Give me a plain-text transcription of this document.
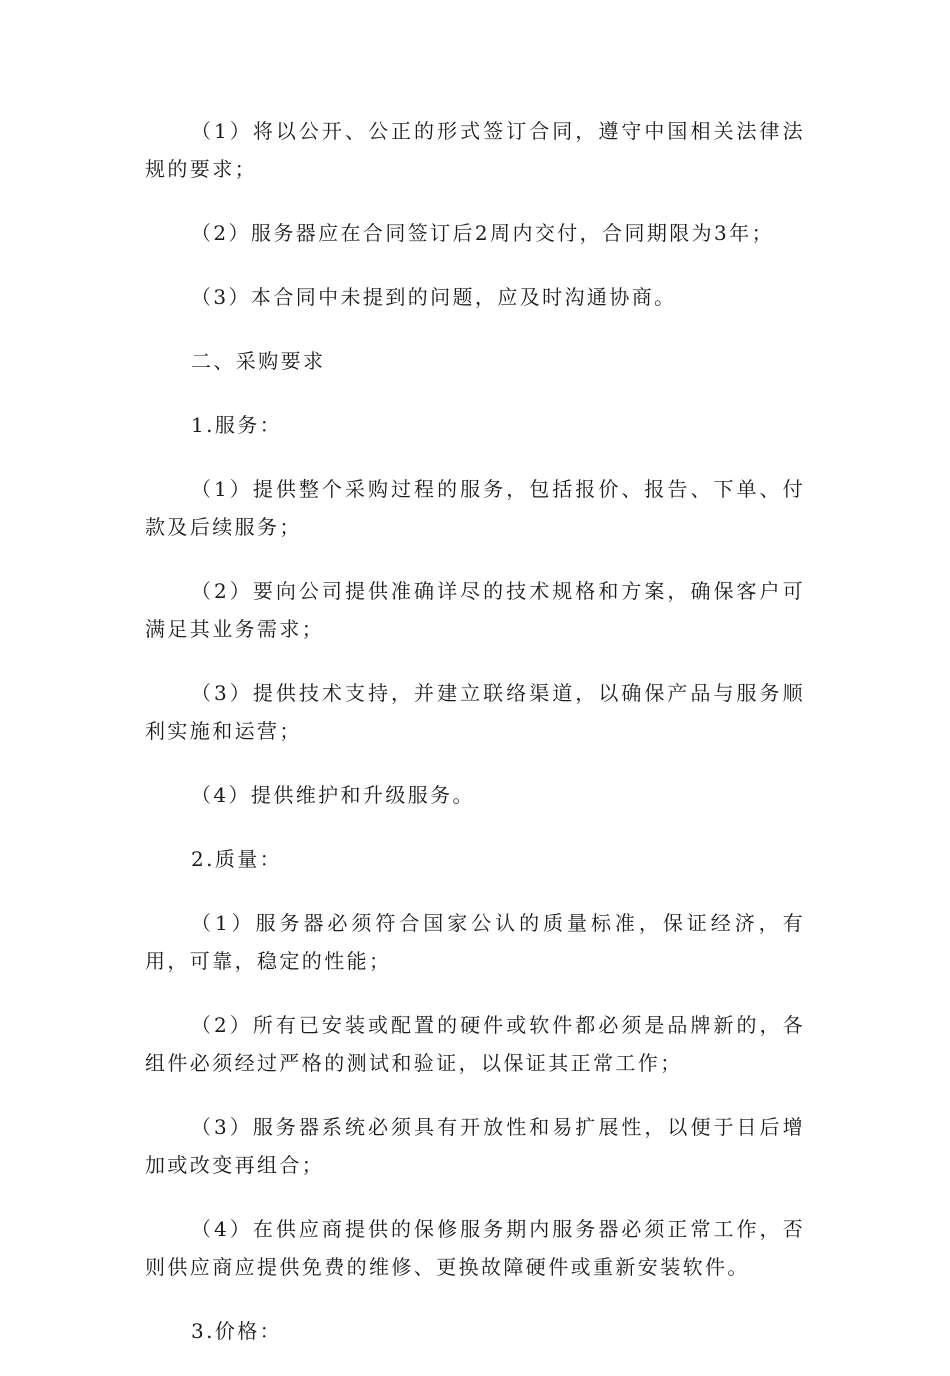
（1）将以公开、公正的形式签订合同，遵守中国相关法律法规的要求；

（2）服务器应在合同签订后2周内交付，合同期限为3年；

（3）本合同中未提到的问题，应及时沟通协商。

二、采购要求

1.服务：

（1）提供整个采购过程的服务，包括报价、报告、下单、付款及后续服务；

（2）要向公司提供准确详尽的技术规格和方案，确保客户可满足其业务需求；

（3）提供技术支持，并建立联络渠道，以确保产品与服务顺利实施和运营；

（4）提供维护和升级服务。

2.质量：

（1）服务器必须符合国家公认的质量标准，保证经济，有用，可靠，稳定的性能；

（2）所有已安装或配置的硬件或软件都必须是品牌新的，各组件必须经过严格的测试和验证，以保证其正常工作；

（3）服务器系统必须具有开放性和易扩展性，以便于日后增加或改变再组合；

（4）在供应商提供的保修服务期内服务器必须正常工作，否则供应商应提供免费的维修、更换故障硬件或重新安装软件。

3.价格：
